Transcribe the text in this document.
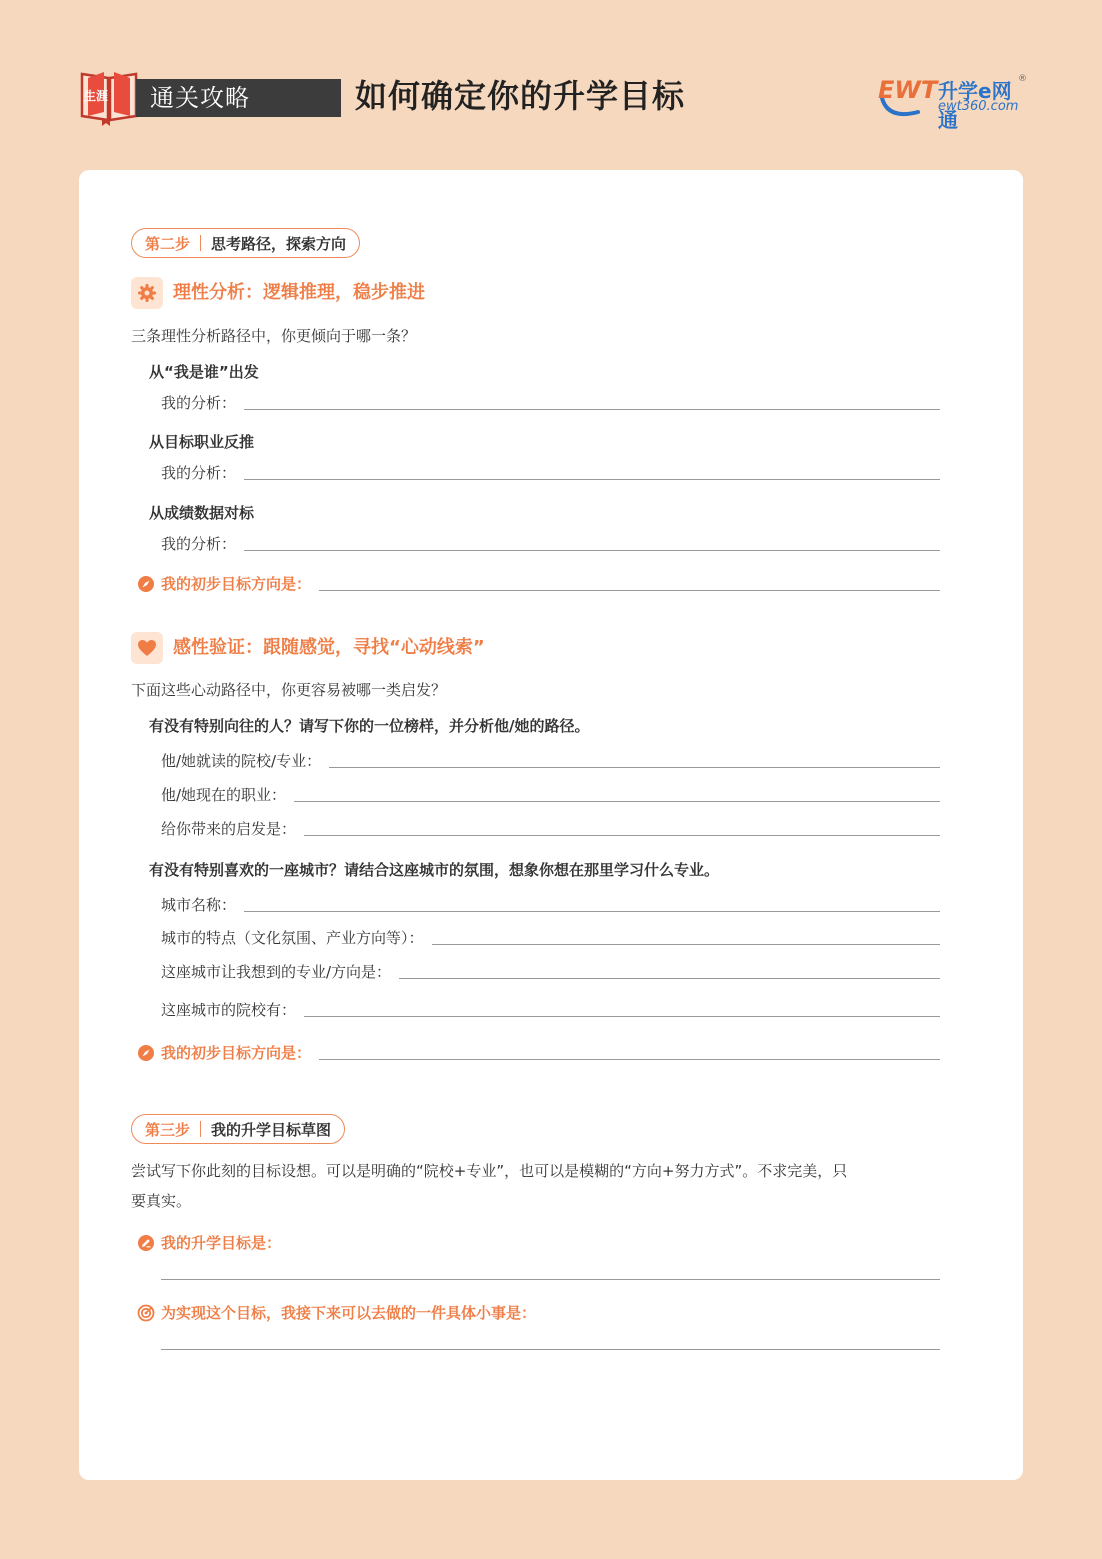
生涯	通关攻略	如何确定你的升学目标	EWT 升学e网通
ewt360.com
®
第二步 思考路径，探索方向
理性分析：逻辑推理，稳步推进
三条理性分析路径中，你更倾向于哪一条？
从“我是谁”出发
我的分析：
从目标职业反推
我的分析：
从成绩数据对标
我的分析：
我的初步目标方向是：
感性验证：跟随感觉，寻找“心动线索”
下面这些心动路径中，你更容易被哪一类启发？
有没有特别向往的人？请写下你的一位榜样，并分析他/她的路径。
他/她就读的院校/专业：
他/她现在的职业：
给你带来的启发是：
有没有特别喜欢的一座城市？请结合这座城市的氛围，想象你想在那里学习什么专业。
城市名称：
城市的特点（文化氛围、产业方向等）：
这座城市让我想到的专业/方向是：
这座城市的院校有：
我的初步目标方向是：
第三步 我的升学目标草图
尝试写下你此刻的目标设想。可以是明确的“院校+专业”，也可以是模糊的“方向+努力方式”。不求完美，只
要真实。
我的升学目标是：
为实现这个目标，我接下来可以去做的一件具体小事是：
